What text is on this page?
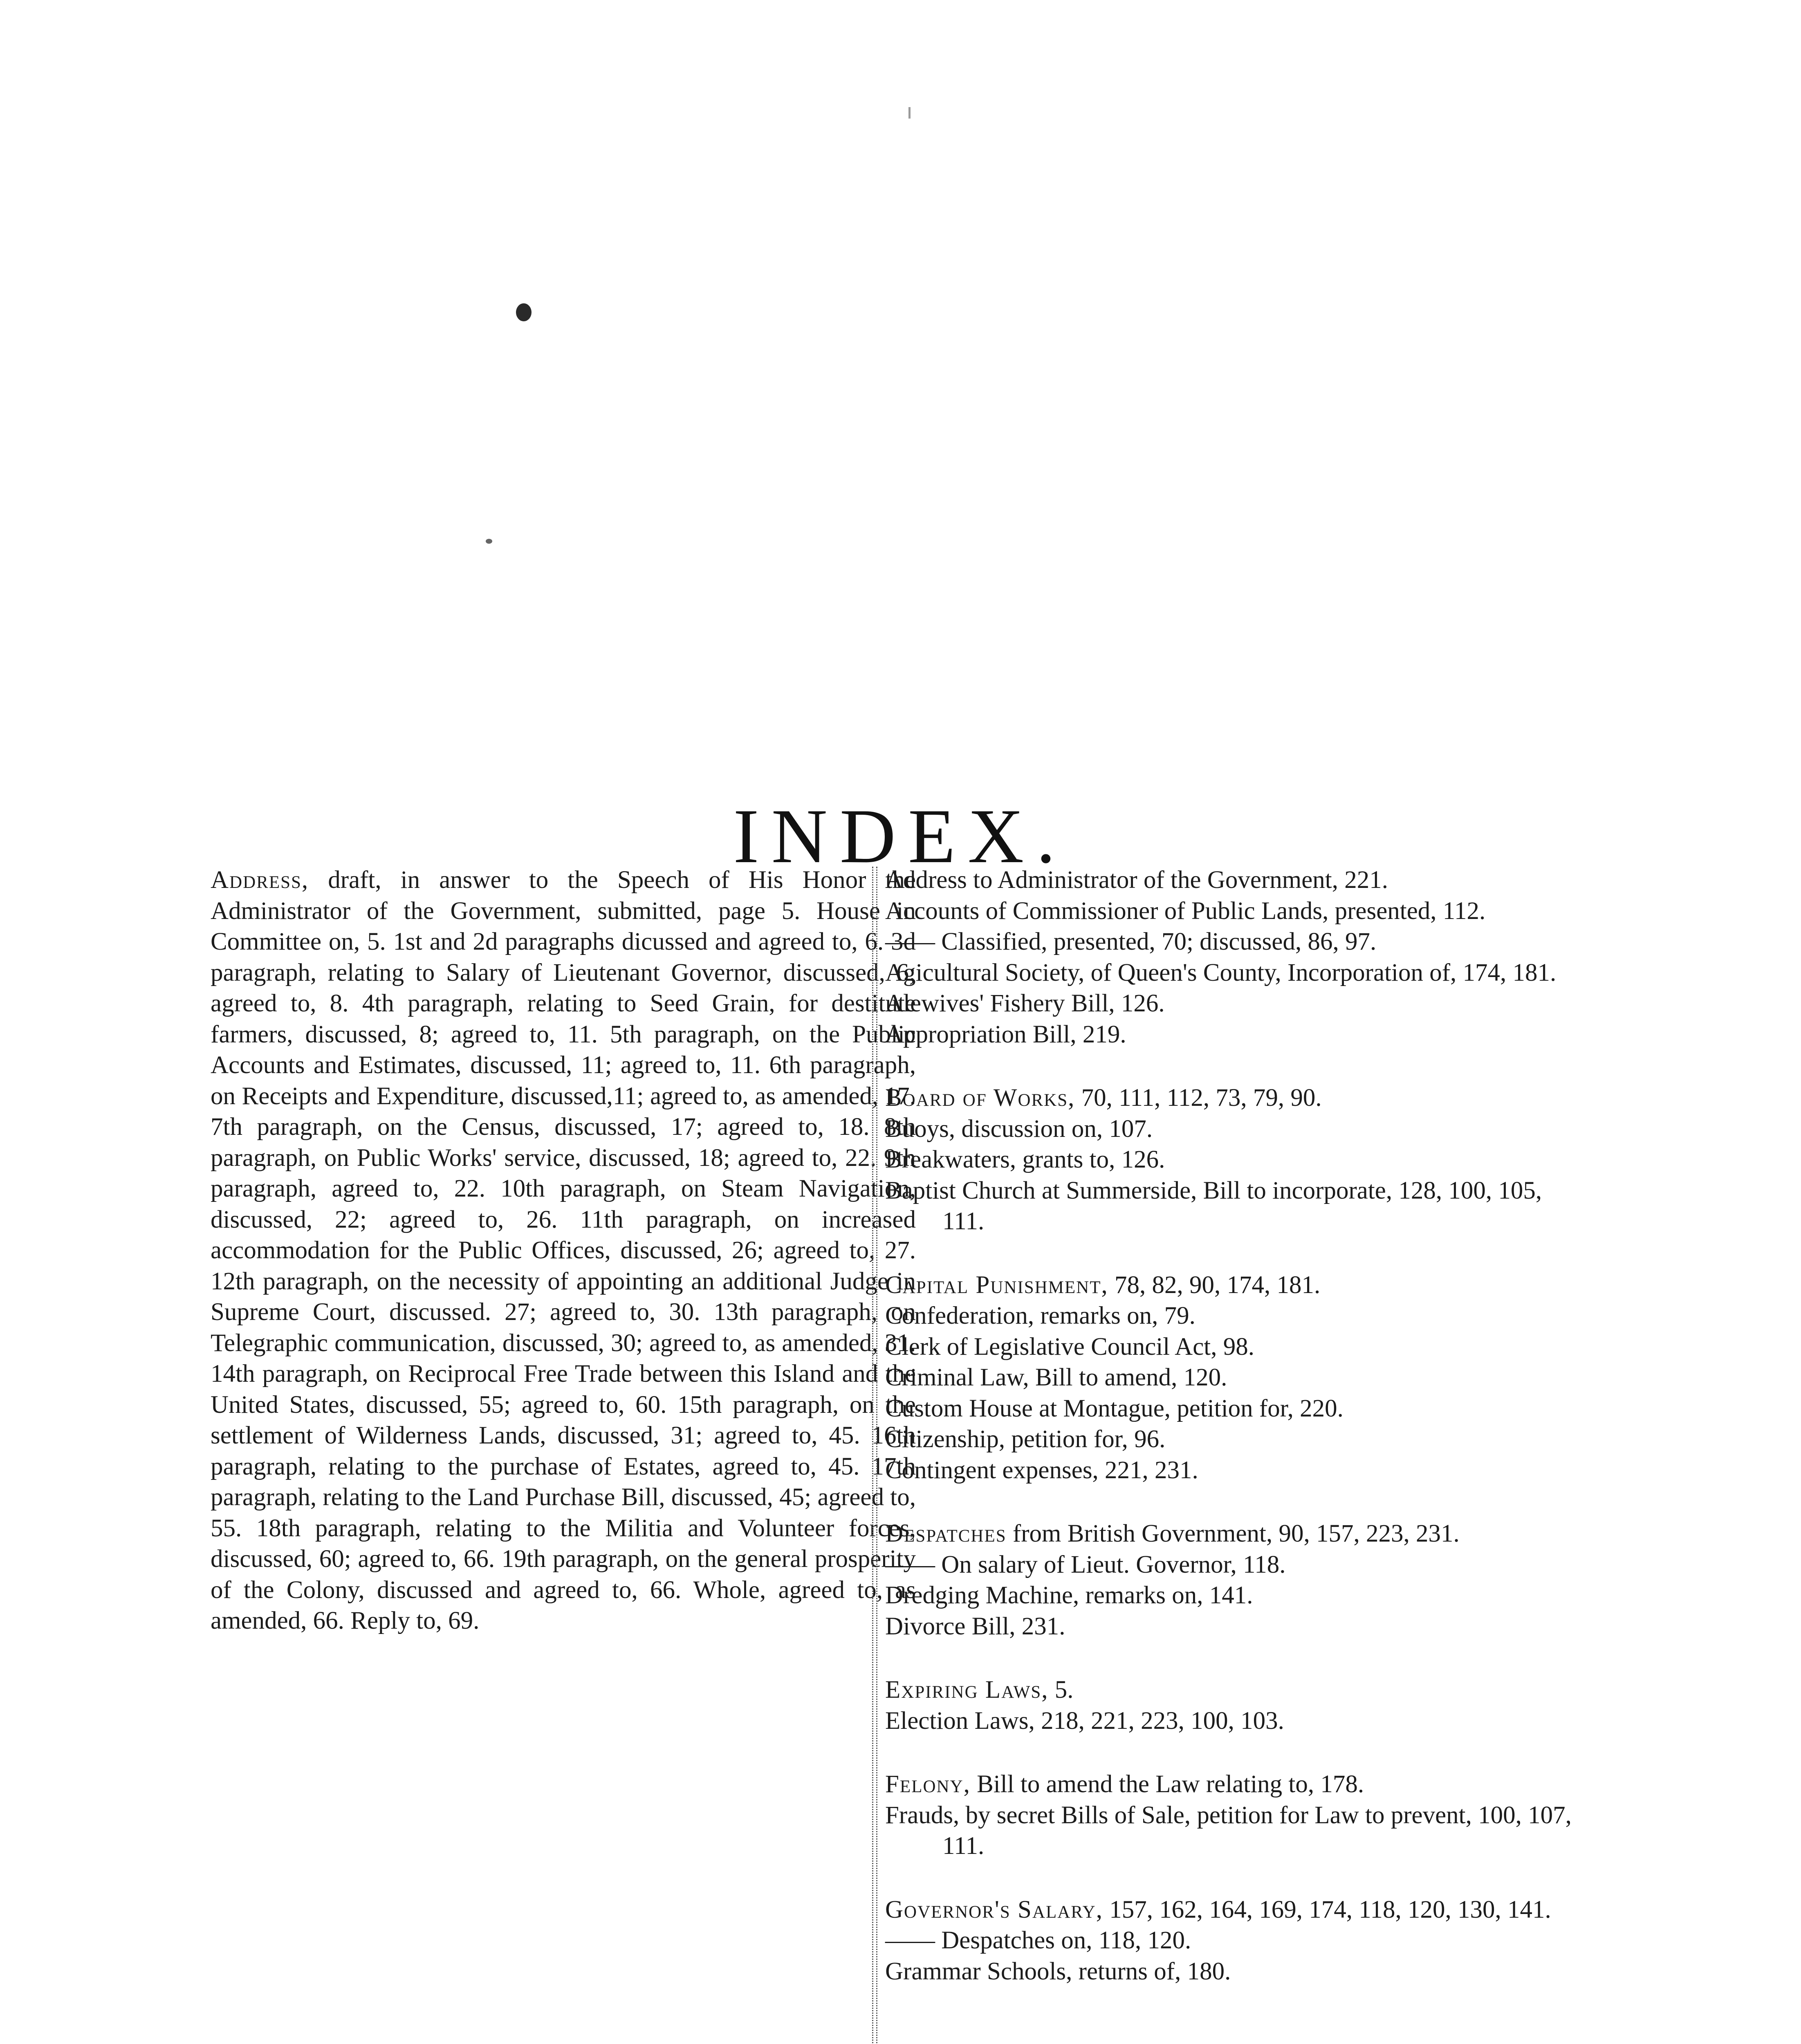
INDEX.

Address, draft, in answer to the Speech of His Honor the Administrator of the Government, submitted, page 5. House in Committee on, 5. 1st and 2d paragraphs dicussed and agreed to, 6. 3d paragraph, relating to Salary of Lieutenant Governor, discussed, 6; agreed to, 8. 4th paragraph, relating to Seed Grain, for destitute farmers, discussed, 8; agreed to, 11. 5th paragraph, on the Public Accounts and Estimates, discussed, 11; agreed to, 11. 6th paragraph, on Receipts and Expenditure, discussed,11; agreed to, as amended, 17. 7th paragraph, on the Census, discussed, 17; agreed to, 18. 8th paragraph, on Public Works' service, discussed, 18; agreed to, 22. 9th paragraph, agreed to, 22. 10th paragraph, on Steam Navigation, discussed, 22; agreed to, 26. 11th paragraph, on increased accommodation for the Public Offices, discussed, 26; agreed to, 27. 12th paragraph, on the necessity of appointing an additional Judge in Supreme Court, discussed. 27; agreed to, 30. 13th paragraph, on Telegraphic communication, discussed, 30; agreed to, as amended, 31. 14th paragraph, on Reciprocal Free Trade between this Island and the United States, discussed, 55; agreed to, 60. 15th paragraph, on the settlement of Wilderness Lands, discussed, 31; agreed to, 45. 16th paragraph, relating to the purchase of Estates, agreed to, 45. 17th paragraph, relating to the Land Purchase Bill, discussed, 45; agreed to, 55. 18th paragraph, relating to the Militia and Volunteer forces, discussed, 60; agreed to, 66. 19th paragraph, on the general prosperity of the Colony, discussed and agreed to, 66. Whole, agreed to, as amended, 66. Reply to, 69.

Address to Administrator of the Government, 221.

Accounts of Commissioner of Public Lands, presented, 112.

—— Classified, presented, 70; discussed, 86, 97.

Agicultural Society, of Queen's County, Incorporation of, 174, 181.

Alewives' Fishery Bill, 126.

Appropriation Bill, 219.

Board of Works, 70, 111, 112, 73, 79, 90.

Buoys, discussion on, 107.

Breakwaters, grants to, 126.

Baptist Church at Summerside, Bill to incorporate, 128, 100, 105, 111.

Capital Punishment, 78, 82, 90, 174, 181.

Confederation, remarks on, 79.

Clerk of Legislative Council Act, 98.

Criminal Law, Bill to amend, 120.

Custom House at Montague, petition for, 220.

Citizenship, petition for, 96.

Contingent expenses, 221, 231.

Despatches from British Government, 90, 157, 223, 231.

—— On salary of Lieut. Governor, 118.

Dredging Machine, remarks on, 141.

Divorce Bill, 231.

Expiring Laws, 5.

Election Laws, 218, 221, 223, 100, 103.

Felony, Bill to amend the Law relating to, 178.

Frauds, by secret Bills of Sale, petition for Law to prevent, 100, 107, 111.

Governor's Salary, 157, 162, 164, 169, 174, 118, 120, 130, 141.

—— Despatches on, 118, 120.

Grammar Schools, returns of, 180.
